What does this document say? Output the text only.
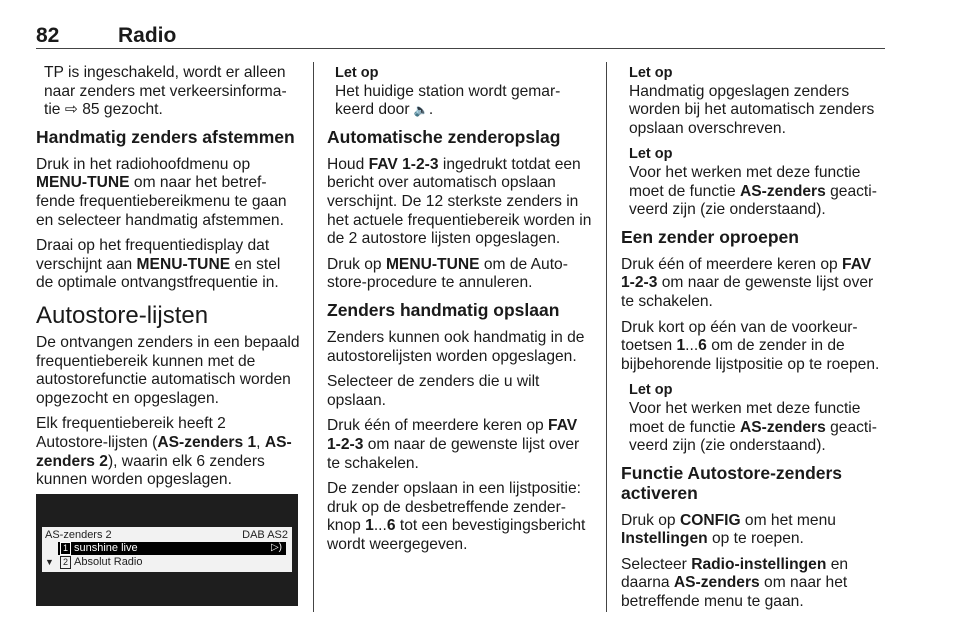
82	Radio

TP is ingeschakeld, wordt er alleen naar zenders met verkeersinforma-tie ⇨ 85 gezocht.

Handmatig zenders afstemmen

Druk in het radiohoofdmenu op MENU-TUNE om naar het betref-fende frequentiebereikmenu te gaan en selecteer handmatig afstemmen.

Draai op het frequentiedisplay dat verschijnt aan MENU-TUNE en stel de optimale ontvangstfrequentie in.

Autostore-lijsten

De ontvangen zenders in een bepaald frequentiebereik kunnen met de autostorefunctie automatisch worden opgezocht en opgeslagen.

Elk frequentiebereik heeft 2 Autostore-lijsten (AS-zenders 1, AS-zenders 2), waarin elk 6 zenders kunnen worden opgeslagen.

AS-zenders 2	DAB AS2
1 sunshine live	▷)
▼	2 Absolut Radio

Let op
Het huidige station wordt gemar-keerd door 🔈.

Automatische zenderopslag

Houd FAV 1-2-3 ingedrukt totdat een bericht over automatisch opslaan verschijnt. De 12 sterkste zenders in het actuele frequentiebereik worden in de 2 autostore lijsten opgeslagen.

Druk op MENU-TUNE om de Auto-store-procedure te annuleren.

Zenders handmatig opslaan

Zenders kunnen ook handmatig in de autostorelijsten worden opgeslagen.

Selecteer de zenders die u wilt opslaan.

Druk één of meerdere keren op FAV 1-2-3 om naar de gewenste lijst over te schakelen.

De zender opslaan in een lijstpositie: druk op de desbetreffende zender-knop 1...6 tot een bevestigingsbericht wordt weergegeven.

Let op
Handmatig opgeslagen zenders worden bij het automatisch zenders opslaan overschreven.

Let op
Voor het werken met deze functie moet de functie AS-zenders geacti-veerd zijn (zie onderstaand).

Een zender oproepen

Druk één of meerdere keren op FAV 1-2-3 om naar de gewenste lijst over te schakelen.

Druk kort op één van de voorkeur-toetsen 1...6 om de zender in de bijbehorende lijstpositie op te roepen.

Let op
Voor het werken met deze functie moet de functie AS-zenders geacti-veerd zijn (zie onderstaand).

Functie Autostore-zenders activeren

Druk op CONFIG om het menu Instellingen op te roepen.

Selecteer Radio-instellingen en daarna AS-zenders om naar het betreffende menu te gaan.
